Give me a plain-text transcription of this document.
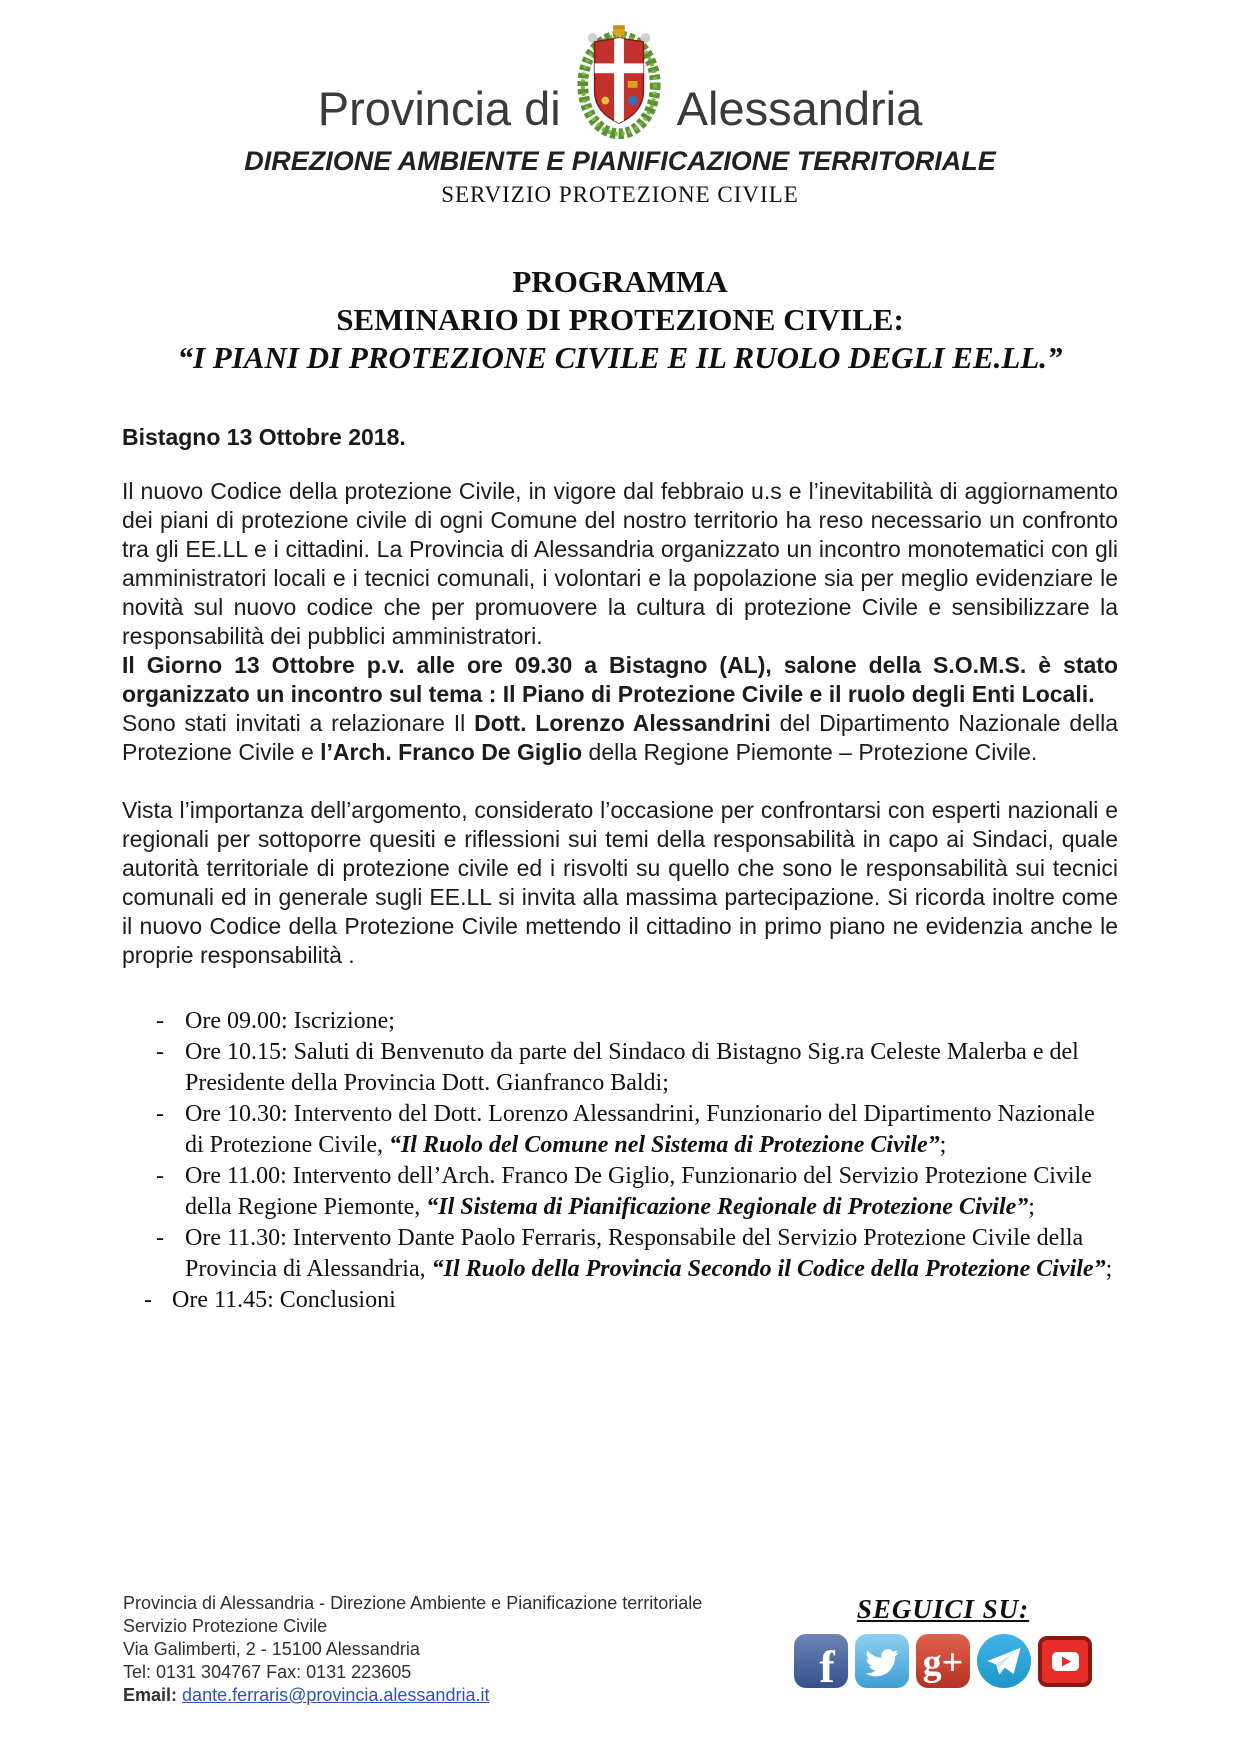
Provincia di Alessandria
DIREZIONE AMBIENTE E PIANIFICAZIONE TERRITORIALE
SERVIZIO PROTEZIONE CIVILE
PROGRAMMA
SEMINARIO DI PROTEZIONE CIVILE:
“I PIANI DI PROTEZIONE CIVILE E IL RUOLO DEGLI EE.LL.”
Bistagno 13 Ottobre 2018.

Il nuovo Codice della protezione Civile, in vigore dal febbraio u.s e l’inevitabilità di aggiornamento dei piani di protezione civile di ogni Comune del nostro territorio ha reso necessario un confronto tra gli EE.LL e i cittadini. La Provincia di Alessandria organizzato un incontro monotematici con gli amministratori locali e i tecnici comunali, i volontari e la popolazione sia per meglio evidenziare le novità sul nuovo codice che per promuovere la cultura di protezione Civile e sensibilizzare la responsabilità dei pubblici amministratori.

Il Giorno 13 Ottobre p.v. alle ore 09.30 a Bistagno (AL), salone della S.O.M.S. è stato organizzato un incontro sul tema : Il Piano di Protezione Civile e il ruolo degli Enti Locali.

Sono stati invitati a relazionare Il Dott. Lorenzo Alessandrini del Dipartimento Nazionale della Protezione Civile e l’Arch. Franco De Giglio della Regione Piemonte – Protezione Civile.

Vista l’importanza dell’argomento, considerato l’occasione per confrontarsi con esperti nazionali e regionali per sottoporre quesiti e riflessioni sui temi della responsabilità in capo ai Sindaci, quale autorità territoriale di protezione civile ed i risvolti su quello che sono le responsabilità sui tecnici comunali ed in generale sugli EE.LL si invita alla massima partecipazione. Si ricorda inoltre come il nuovo Codice della Protezione Civile mettendo il cittadino in primo piano ne evidenzia anche le proprie responsabilità .

- Ore 09.00: Iscrizione;
- Ore 10.15: Saluti di Benvenuto da parte del Sindaco di Bistagno Sig.ra Celeste Malerba e del Presidente della Provincia Dott. Gianfranco Baldi;
- Ore 10.30: Intervento del Dott. Lorenzo Alessandrini, Funzionario del Dipartimento Nazionale di Protezione Civile, “Il Ruolo del Comune nel Sistema di Protezione Civile”;
- Ore 11.00: Intervento dell’Arch. Franco De Giglio, Funzionario del Servizio Protezione Civile della Regione Piemonte, “Il Sistema di Pianificazione Regionale di Protezione Civile”;
- Ore 11.30: Intervento Dante Paolo Ferraris, Responsabile del Servizio Protezione Civile della Provincia di Alessandria, “Il Ruolo della Provincia Secondo il Codice della Protezione Civile”;
- Ore 11.45: Conclusioni
Provincia di Alessandria - Direzione Ambiente e Pianificazione territoriale
Servizio Protezione Civile
Via Galimberti, 2 - 15100 Alessandria
Tel: 0131 304767 Fax: 0131 223605
Email: dante.ferraris@provincia.alessandria.it
SEGUICI SU:
f g+
